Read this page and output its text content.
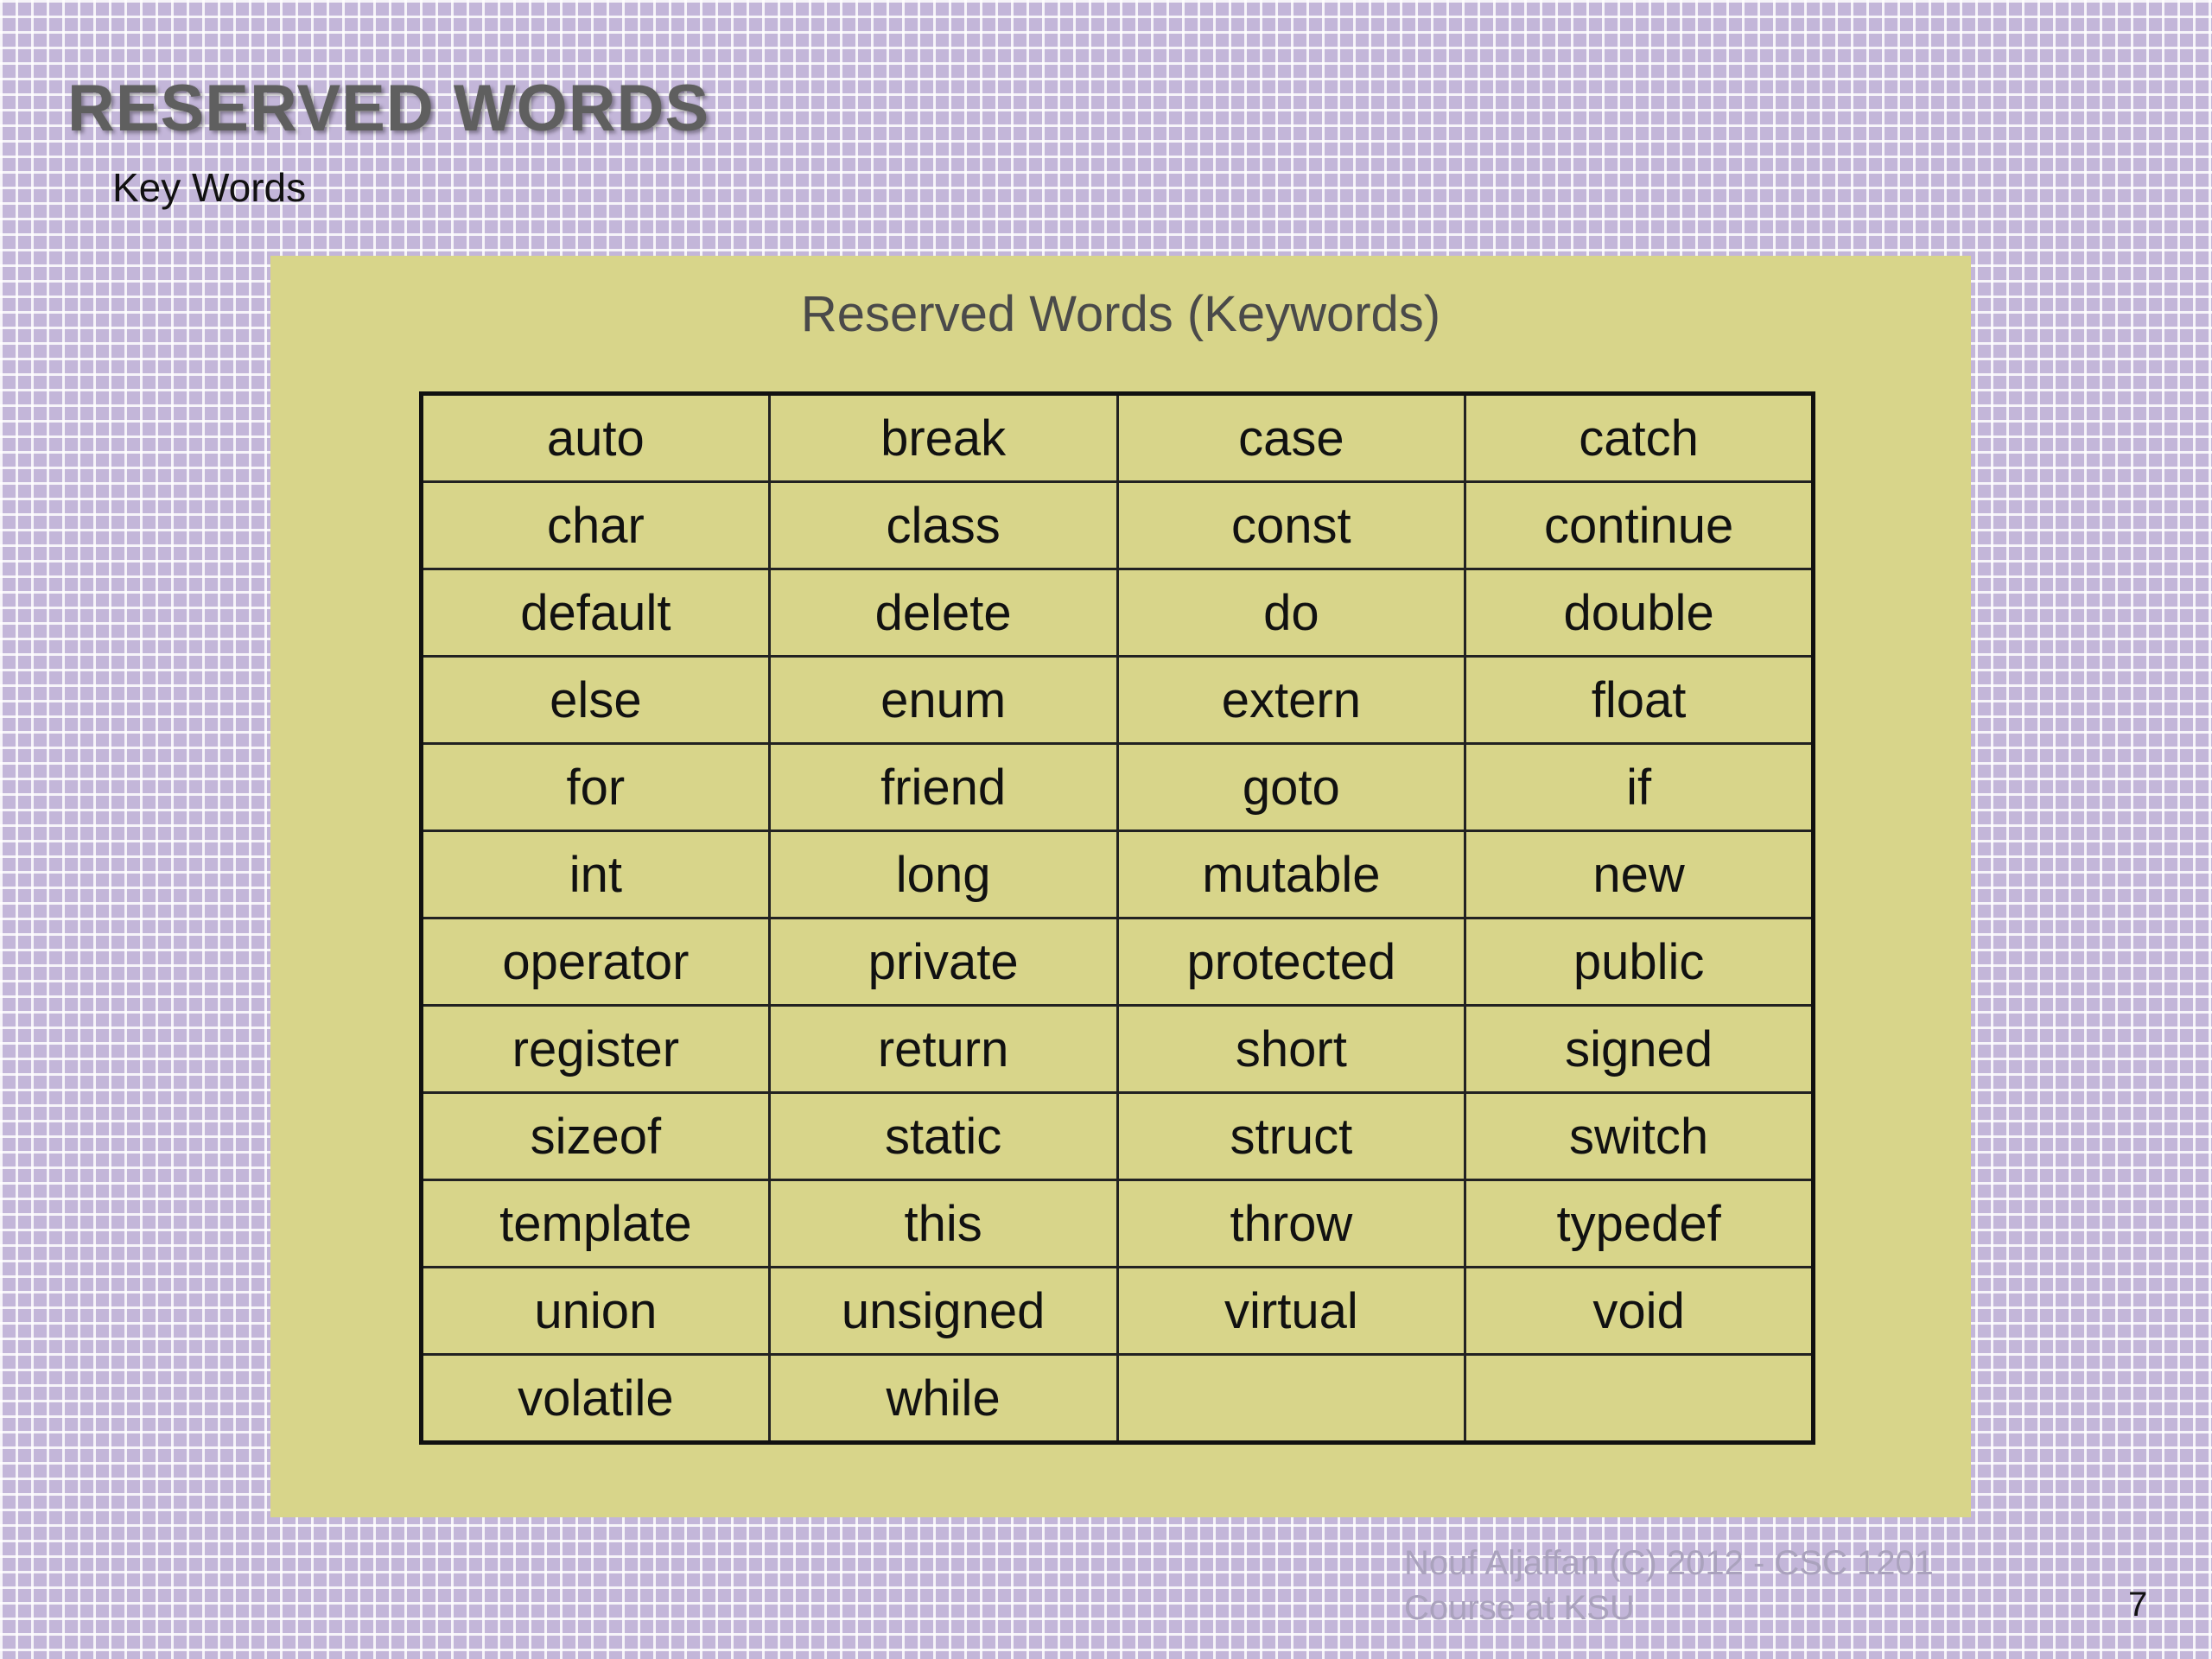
RESERVED WORDS
Key Words
Reserved Words (Keywords)
auto	break	case	catch
char	class	const	continue
default	delete	do	double
else	enum	extern	float
for	friend	goto	if
int	long	mutable	new
operator	private	protected	public
register	return	short	signed
sizeof	static	struct	switch
template	this	throw	typedef
union	unsigned	virtual	void
volatile	while		
Nouf Aljaffan (C) 2012 - CSC 1201 Course at KSU	7
